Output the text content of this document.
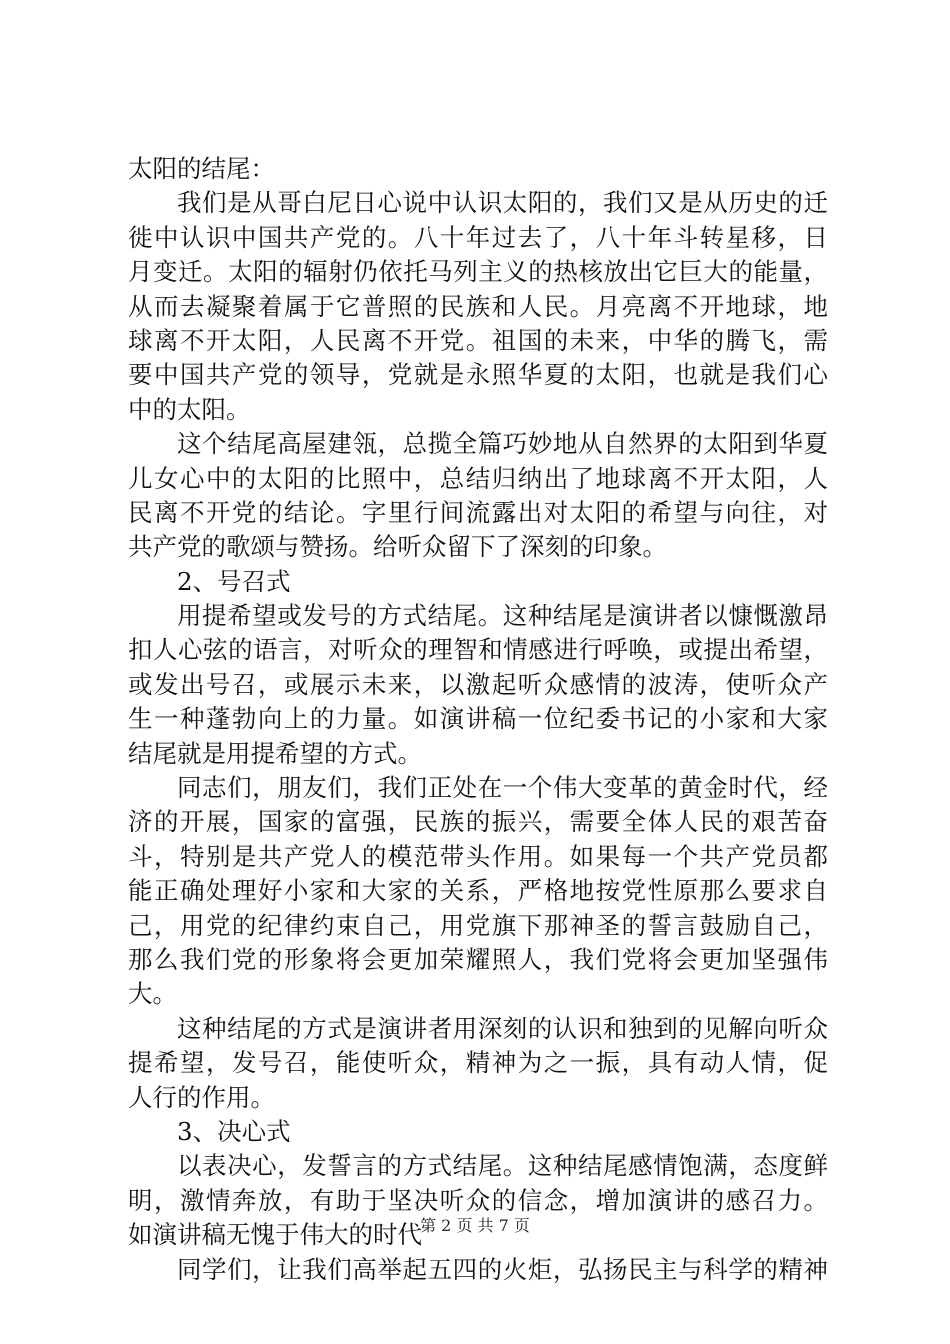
太阳的结尾：
我们是从哥白尼日心说中认识太阳的，我们又是从历史的迁
徙中认识中国共产党的。八十年过去了，八十年斗转星移，日
月变迁。太阳的辐射仍依托马列主义的热核放出它巨大的能量，
从而去凝聚着属于它普照的民族和人民。月亮离不开地球，地
球离不开太阳，人民离不开党。祖国的未来，中华的腾飞，需
要中国共产党的领导，党就是永照华夏的太阳，也就是我们心
中的太阳。
这个结尾高屋建瓴，总揽全篇巧妙地从自然界的太阳到华夏
儿女心中的太阳的比照中，总结归纳出了地球离不开太阳，人
民离不开党的结论。字里行间流露出对太阳的希望与向往，对
共产党的歌颂与赞扬。给听众留下了深刻的印象。
2、号召式
用提希望或发号的方式结尾。这种结尾是演讲者以慷慨激昂
扣人心弦的语言，对听众的理智和情感进行呼唤，或提出希望，
或发出号召，或展示未来，以激起听众感情的波涛，使听众产
生一种蓬勃向上的力量。如演讲稿一位纪委书记的小家和大家
结尾就是用提希望的方式。
同志们，朋友们，我们正处在一个伟大变革的黄金时代，经
济的开展，国家的富强，民族的振兴，需要全体人民的艰苦奋
斗，特别是共产党人的模范带头作用。如果每一个共产党员都
能正确处理好小家和大家的关系，严格地按党性原那么要求自
己，用党的纪律约束自己，用党旗下那神圣的誓言鼓励自己，
那么我们党的形象将会更加荣耀照人，我们党将会更加坚强伟
大。
这种结尾的方式是演讲者用深刻的认识和独到的见解向听众
提希望，发号召，能使听众，精神为之一振，具有动人情，促
人行的作用。
3、决心式
以表决心，发誓言的方式结尾。这种结尾感情饱满，态度鲜
明，激情奔放，有助于坚决听众的信念，增加演讲的感召力。
如演讲稿无愧于伟大的时代
同学们，让我们高举起五四的火炬，弘扬民主与科学的精神
第 2 页 共 7 页
